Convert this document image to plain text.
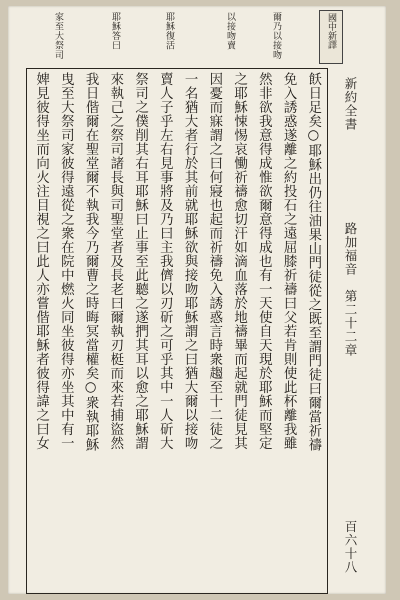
國中新譯
爾乃以接吻
以接吻賣
耶穌復活
耶穌答曰
家至大祭司
新約全書
路加福音　第二十二章
百六十八
飫日足矣○耶穌出仍往油果山門徒從之既至謂門徒曰爾當祈禱
免入誘惑遂離之約投石之遠屈膝祈禱曰父若肯則使此杯離我雖
然非欲我意得成惟欲爾意得成也有一天使自天現於耶穌而堅定
之耶穌悚惕哀慟祈禱愈切汗如滴血落於地禱畢而起就門徒見其
因憂而寐謂之曰何寢也起而祈禱免入誘惑言時衆趨至十二徒之
一名猶大者行於其前就耶穌欲與接吻耶穌謂之曰猶大爾以接吻
賣人子乎左右見事將及乃曰主我儕以刃斫之可乎其中一人斫大
祭司之僕削其右耳耶穌曰止事至此聽之遂捫其耳以愈之耶穌謂
來執己之祭司諸長與司聖堂者及長老曰爾執刃梃而來若捕盜然
我日偕爾在聖堂爾不執我今乃爾曹之時晦冥當權矣○衆執耶穌
曳至大祭司家彼得遠從之衆在院中燃火同坐彼得亦坐其中有一
婢見彼得坐而向火注目視之曰此人亦嘗偕耶穌者彼得諱之曰女
